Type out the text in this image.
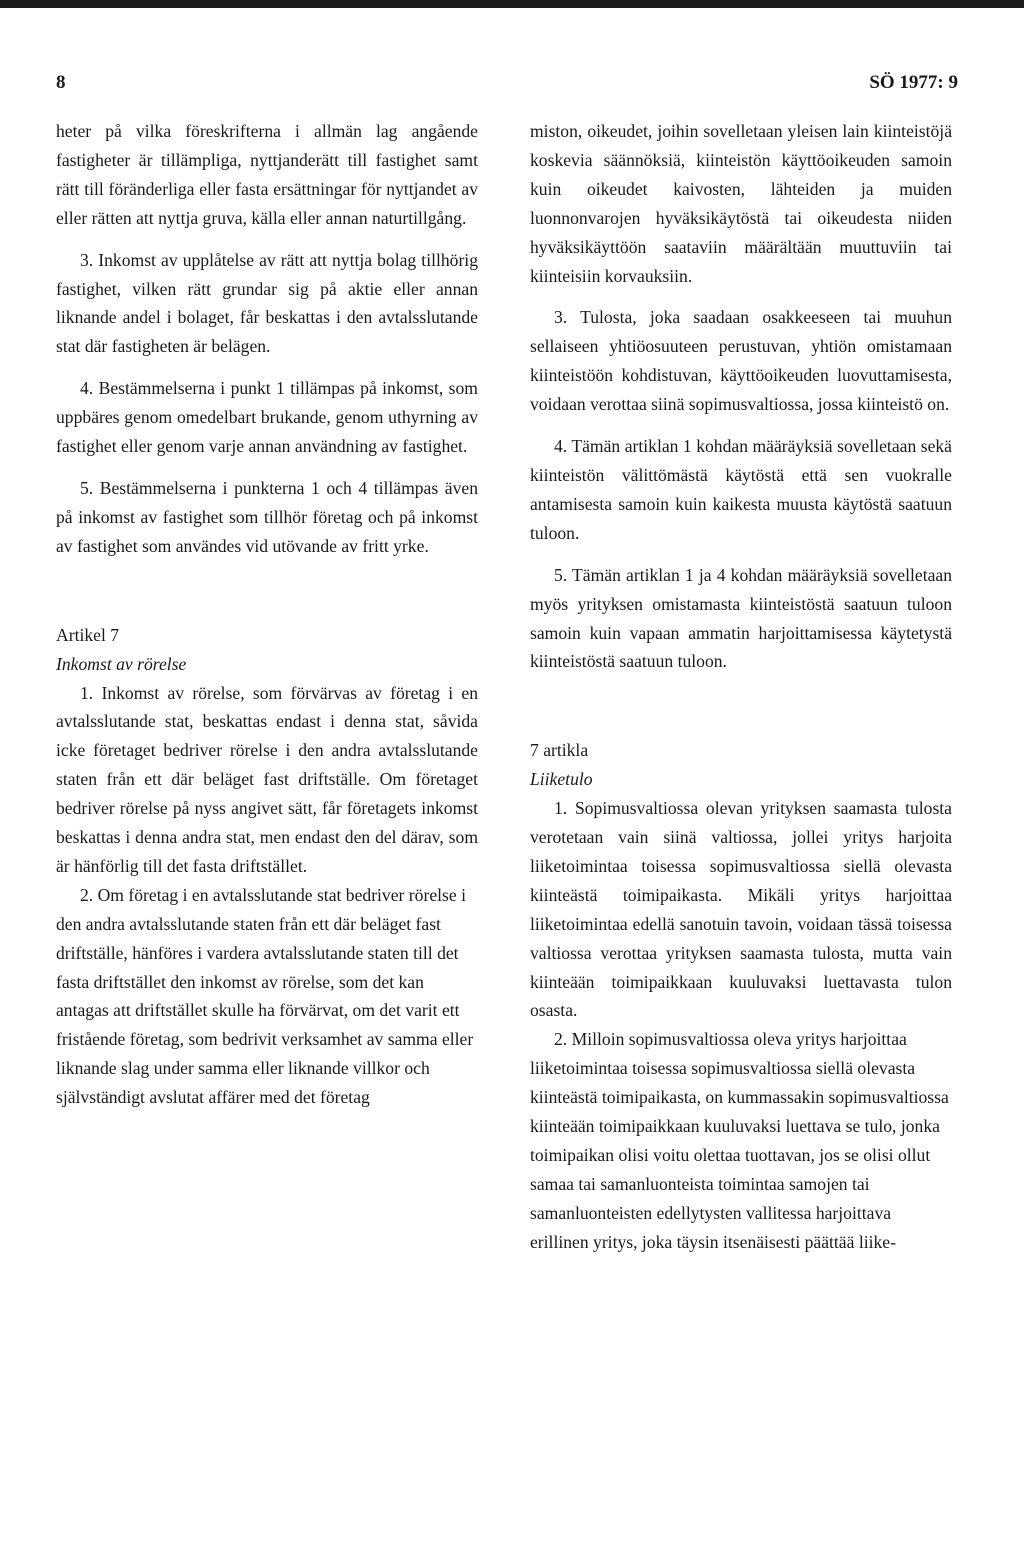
8	SÖ 1977: 9

heter på vilka föreskrifterna i allmän lag angående fastigheter är tillämpliga, nyttjanderätt till fastighet samt rätt till föränderliga eller fasta ersättningar för nyttjandet av eller rätten att nyttja gruva, källa eller annan naturtillgång.

3. Inkomst av upplåtelse av rätt att nyttja bolag tillhörig fastighet, vilken rätt grundar sig på aktie eller annan liknande andel i bolaget, får beskattas i den avtalsslutande stat där fastigheten är belägen.

4. Bestämmelserna i punkt 1 tillämpas på inkomst, som uppbäres genom omedelbart brukande, genom uthyrning av fastighet eller genom varje annan användning av fastighet.

5. Bestämmelserna i punkterna 1 och 4 tillämpas även på inkomst av fastighet som tillhör företag och på inkomst av fastighet som användes vid utövande av fritt yrke.

Artikel 7

Inkomst av rörelse

1. Inkomst av rörelse, som förvärvas av företag i en avtalsslutande stat, beskattas endast i denna stat, såvida icke företaget bedriver rörelse i den andra avtalsslutande staten från ett där beläget fast driftställe. Om företaget bedriver rörelse på nyss angivet sätt, får företagets inkomst beskattas i denna andra stat, men endast den del därav, som är hänförlig till det fasta driftstället.

2. Om företag i en avtalsslutande stat bedriver rörelse i den andra avtalsslutande staten från ett där beläget fast driftställe, hänföres i vardera avtalsslutande staten till det fasta driftstället den inkomst av rörelse, som det kan antagas att driftstället skulle ha förvärvat, om det varit ett fristående företag, som bedrivit verksamhet av samma eller liknande slag under samma eller liknande villkor och självständigt avslutat affärer med det företag

miston, oikeudet, joihin sovelletaan yleisen lain kiinteistöjä koskevia säännöksiä, kiinteistön käyttöoikeuden samoin kuin oikeudet kaivosten, lähteiden ja muiden luonnonvarojen hyväksikäytöstä tai oikeudesta niiden hyväksikäyttöön saataviin määrältään muuttuviin tai kiinteisiin korvauksiin.

3. Tulosta, joka saadaan osakkeeseen tai muuhun sellaiseen yhtiöosuuteen perustuvan, yhtiön omistamaan kiinteistöön kohdistuvan, käyttöoikeuden luovuttamisesta, voidaan verottaa siinä sopimusvaltiossa, jossa kiinteistö on.

4. Tämän artiklan 1 kohdan määräyksiä sovelletaan sekä kiinteistön välittömästä käytöstä että sen vuokralle antamisesta samoin kuin kaikesta muusta käytöstä saatuun tuloon.

5. Tämän artiklan 1 ja 4 kohdan määräyksiä sovelletaan myös yrityksen omistamasta kiinteistöstä saatuun tuloon samoin kuin vapaan ammatin harjoittamisessa käytetystä kiinteistöstä saatuun tuloon.

7 artikla

Liiketulo

1. Sopimusvaltiossa olevan yrityksen saamasta tulosta verotetaan vain siinä valtiossa, jollei yritys harjoita liiketoimintaa toisessa sopimusvaltiossa siellä olevasta kiinteästä toimipaikasta. Mikäli yritys harjoittaa liiketoimintaa edellä sanotuin tavoin, voidaan tässä toisessa valtiossa verottaa yrityksen saamasta tulosta, mutta vain kiinteään toimipaikkaan kuuluvaksi luettavasta tulon osasta.

2. Milloin sopimusvaltiossa oleva yritys harjoittaa liiketoimintaa toisessa sopimusvaltiossa siellä olevasta kiinteästä toimipaikasta, on kummassakin sopimusvaltiossa kiinteään toimipaikkaan kuuluvaksi luettava se tulo, jonka toimipaikan olisi voitu olettaa tuottavan, jos se olisi ollut samaa tai samanluonteista toimintaa samojen tai samanluonteisten edellytysten vallitessa harjoittava erillinen yritys, joka täysin itsenäisesti päättää liike-
